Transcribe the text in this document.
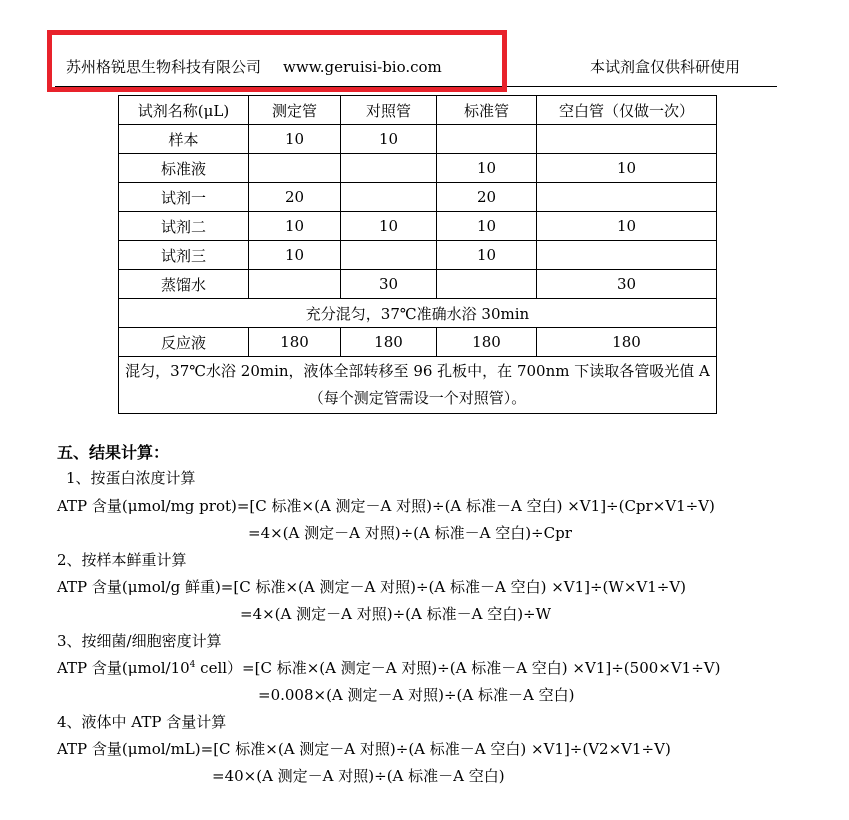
苏州格锐思生物科技有限公司 www.geruisi-bio.com	本试剂盒仅供科研使用
试剂名称(μL)	测定管	对照管	标准管	空白管（仅做一次）
样本	10	10		
标准液			10	10
试剂一	20		20	
试剂二	10	10	10	10
试剂三	10		10	
蒸馏水		30		30
充分混匀，37℃准确水浴 30min				
反应液	180	180	180	180
混匀，37℃水浴 20min，液体全部转移至 96 孔板中，在 700nm 下读取各管吸光值 A（每个测定管需设一个对照管）。				
五、结果计算：
1、按蛋白浓度计算
ATP 含量(μmol/mg prot)=[C 标准×(A 测定－A 对照)÷(A 标准－A 空白) ×V1]÷(Cpr×V1÷V)
=4×(A 测定－A 对照)÷(A 标准－A 空白)÷Cpr
2、按样本鲜重计算
ATP 含量(μmol/g 鲜重)=[C 标准×(A 测定－A 对照)÷(A 标准－A 空白) ×V1]÷(W×V1÷V)
=4×(A 测定－A 对照)÷(A 标准－A 空白)÷W
3、按细菌/细胞密度计算
ATP 含量($\mu mol/10^4$ cell）=[C 标准×(A 测定－A 对照)÷(A 标准－A 空白) ×V1]÷(500×V1÷V)
=0.008×(A 测定－A 对照)÷(A 标准－A 空白)
4、液体中 ATP 含量计算
ATP 含量(μmol/mL)=[C 标准×(A 测定－A 对照)÷(A 标准－A 空白) ×V1]÷(V2×V1÷V)
=40×(A 测定－A 对照)÷(A 标准－A 空白)
